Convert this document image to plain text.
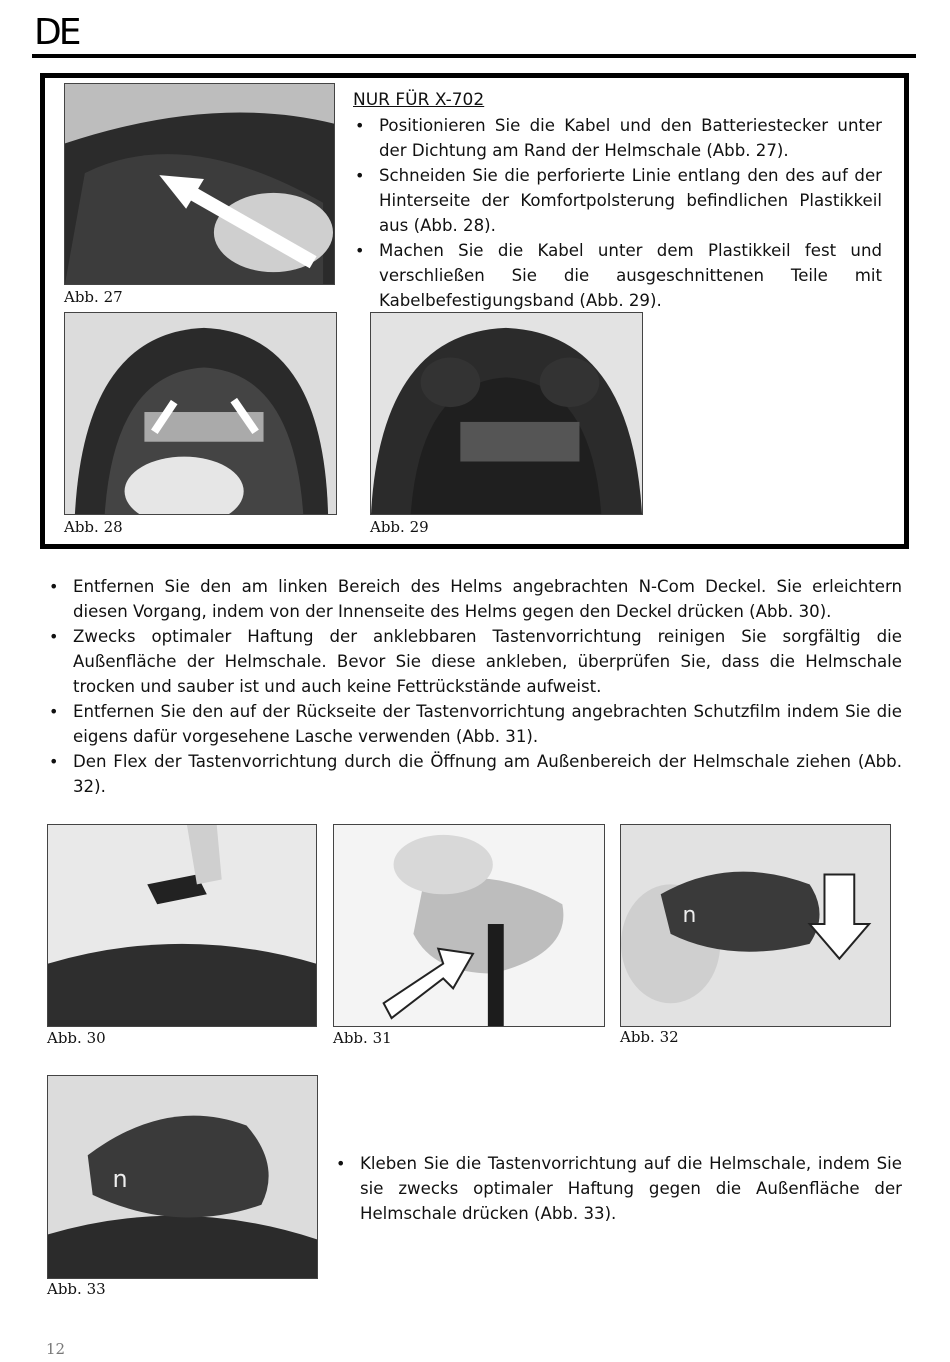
DE
Abb. 27
NUR FÜR X-702
• Positionieren Sie die Kabel und den Batteriestecker unter der Dichtung am Rand der Helmschale (Abb. 27).
• Schneiden Sie die perforierte Linie entlang den des auf der Hinterseite der Komfortpolsterung befindlichen Plastikkeil aus (Abb. 28).
• Machen Sie die Kabel unter dem Plastikkeil fest und verschließen Sie die ausgeschnittenen Teile mit Kabelbefestigungsband (Abb. 29).
Abb. 28	Abb. 29
• Entfernen Sie den am linken Bereich des Helms angebrachten N-Com Deckel. Sie erleichtern diesen Vorgang, indem von der Innenseite des Helms gegen den Deckel drücken (Abb. 30).
• Zwecks optimaler Haftung der anklebbaren Tastenvorrichtung reinigen Sie sorgfältig die Außenfläche der Helmschale. Bevor Sie diese ankleben, überprüfen Sie, dass die Helmschale trocken und sauber ist und auch keine Fettrückstände aufweist.
• Entfernen Sie den auf der Rückseite der Tastenvorrichtung angebrachten Schutzfilm indem Sie die eigens dafür vorgesehene Lasche verwenden (Abb. 31).
• Den Flex der Tastenvorrichtung durch die Öffnung am Außenbereich der Helmschale ziehen (Abb. 32).
Abb. 30	Abb. 31
n
Abb. 32
n
Abb. 33
• Kleben Sie die Tastenvorrichtung auf die Helmschale, indem Sie sie zwecks optimaler Haftung gegen die Außenfläche der Helmschale drücken (Abb. 33).
12
